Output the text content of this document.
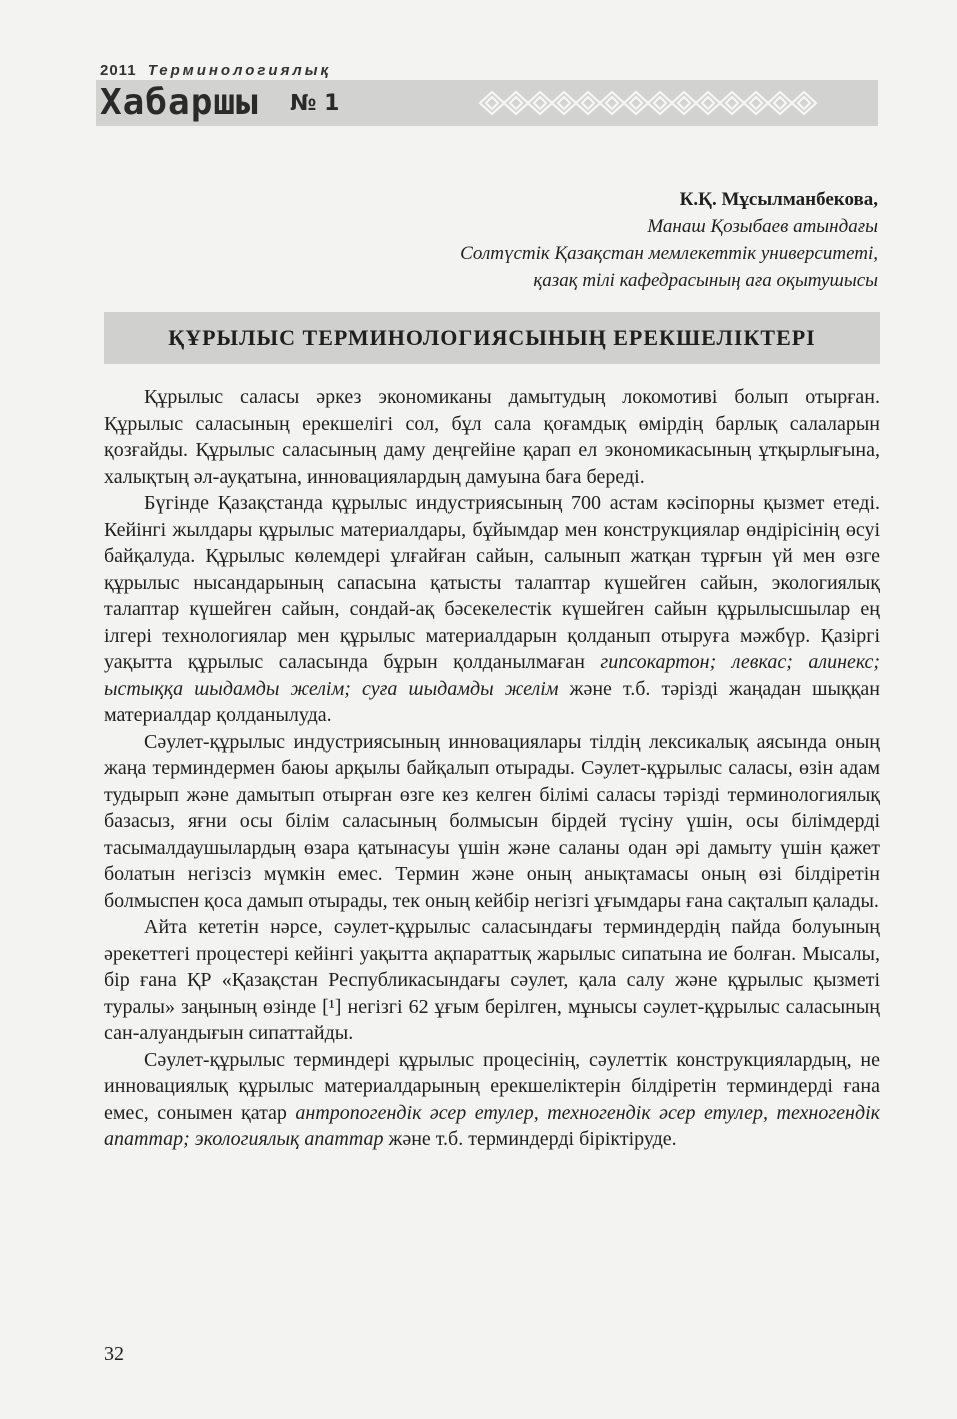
2011 Терминологиялық
Хабаршы № 1
К.Қ. Мұсылманбекова,
Манаш Қозыбаев атындағы
Солтүстік Қазақстан мемлекеттік университеті,
қазақ тілі кафедрасының аға оқытушысы
ҚҰРЫЛЫС ТЕРМИНОЛОГИЯСЫНЫҢ ЕРЕКШЕЛІКТЕРІ

Құрылыс саласы әркез экономиканы дамытудың локомотиві болып отырған. Құрылыс саласының ерекшелігі сол, бұл сала қоғамдық өмірдің барлық салаларын қозғайды. Құрылыс саласының даму деңгейіне қарап ел экономикасының ұтқырлығына, халықтың әл-ауқатына, инновациялардың дамуына баға береді.

Бүгінде Қазақстанда құрылыс индустриясының 700 астам кәсіпорны қызмет етеді. Кейінгі жылдары құрылыс материалдары, бұйымдар мен конструкциялар өндірісінің өсуі байқалуда. Құрылыс көлемдері ұлғайған сайын, салынып жатқан тұрғын үй мен өзге құрылыс нысандарының сапасына қатысты талаптар күшейген сайын, экологиялық талаптар күшейген сайын, сондай-ақ бәсекелестік күшейген сайын құрылысшылар ең ілгері технологиялар мен құрылыс материалдарын қолданып отыруға мәжбүр. Қазіргі уақытта құрылыс саласында бұрын қолданылмаған гипсокартон; левкас; алинекс; ыстыққа шыдамды желім; суға шыдамды желім және т.б. тәрізді жаңадан шыққан материалдар қолданылуда.

Сәулет-құрылыс индустриясының инновациялары тілдің лексикалық аясында оның жаңа терминдермен баюы арқылы байқалып отырады. Сәулет-құрылыс саласы, өзін адам тудырып және дамытып отырған өзге кез келген білімі саласы тәрізді терминологиялық базасыз, яғни осы білім саласының болмысын бірдей түсіну үшін, осы білімдерді тасымалдаушылардың өзара қатынасуы үшін және саланы одан әрі дамыту үшін қажет болатын негізсіз мүмкін емес. Термин және оның анықтамасы оның өзі білдіретін болмыспен қоса дамып отырады, тек оның кейбір негізгі ұғымдары ғана сақталып қалады.

Айта кететін нәрсе, сәулет-құрылыс саласындағы терминдердің пайда болуының әрекеттегі процестері кейінгі уақытта ақпараттық жарылыс сипатына ие болған. Мысалы, бір ғана ҚР «Қазақстан Республикасындағы сәулет, қала салу және құрылыс қызметі туралы» заңының өзінде [¹] негізгі 62 ұғым берілген, мұнысы сәулет-құрылыс саласының сан-алуандығын сипаттайды.

Сәулет-құрылыс терминдері құрылыс процесінің, сәулеттік конструкциялардың, не инновациялық құрылыс материалдарының ерекшеліктерін білдіретін терминдерді ғана емес, сонымен қатар антропогендік әсер етулер, техногендік әсер етулер, техногендік апаттар; экологиялық апаттар және т.б. терминдерді біріктіруде.

32
